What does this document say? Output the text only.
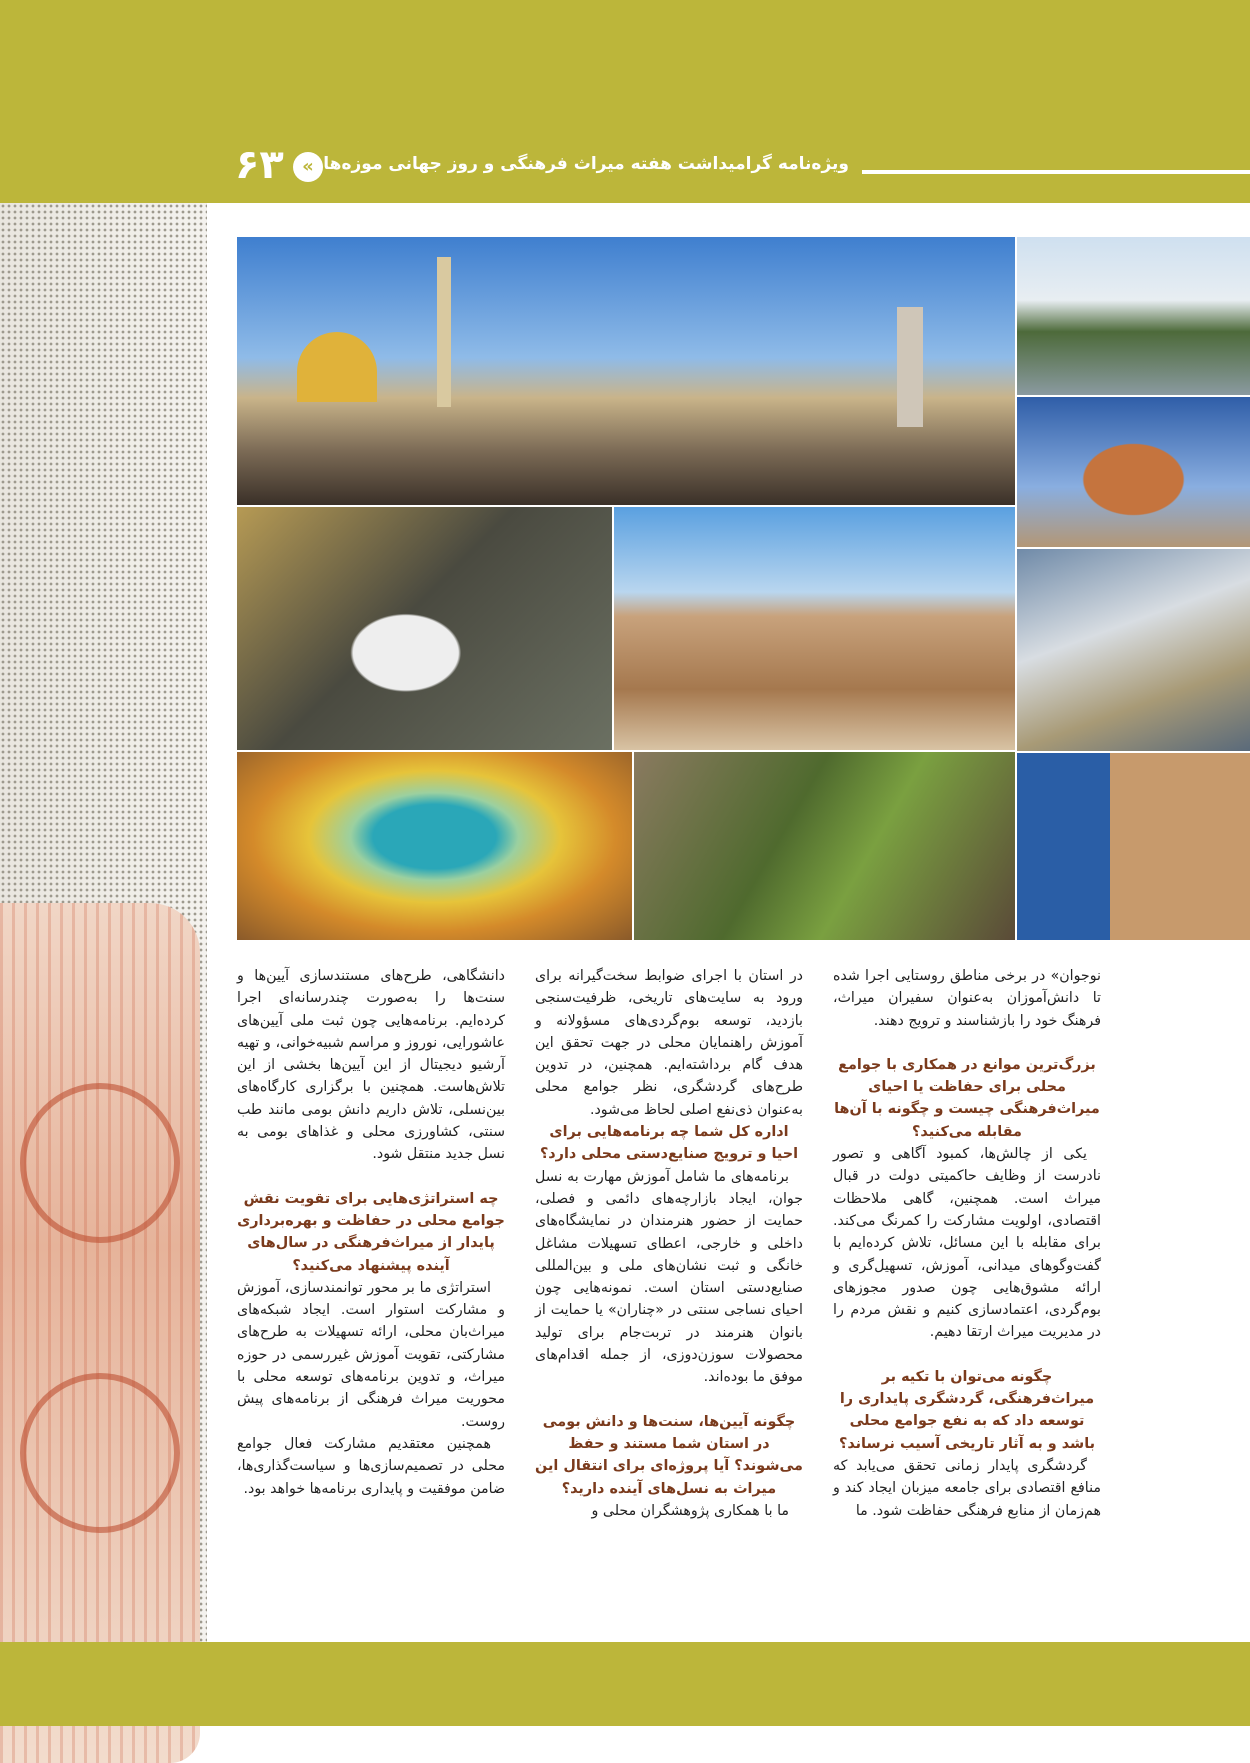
ویژه‌نامه گرامیداشت هفته میراث فرهنگی و روز جهانی موزه‌ها
«
۶۳

نوجوان» در برخی مناطق روستایی اجرا شده تا دانش‌آموزان به‌عنوان سفیران میراث، فرهنگ خود را بازشناسند و ترویج دهند.

بزرگ‌ترین موانع در همکاری با جوامع محلی برای حفاظت یا احیای میراث‌فرهنگی چیست و چگونه با آن‌ها مقابله می‌کنید؟

یکی از چالش‌ها، کمبود آگاهی و تصور نادرست از وظایف حاکمیتی دولت در قبال میراث است. همچنین، گاهی ملاحظات اقتصادی، اولویت مشارکت را کمرنگ می‌کند. برای مقابله با این مسائل، تلاش کرده‌ایم با گفت‌وگوهای میدانی، آموزش، تسهیل‌گری و ارائه مشوق‌هایی چون صدور مجوزهای بوم‌گردی، اعتمادسازی کنیم و نقش مردم را در مدیریت میراث ارتقا دهیم.

چگونه می‌توان با تکیه بر میراث‌فرهنگی، گردشگری پایداری را توسعه داد که به نفع جوامع محلی باشد و به آثار تاریخی آسیب نرساند؟

گردشگری پایدار زمانی تحقق می‌یابد که منافع اقتصادی برای جامعه میزبان ایجاد کند و هم‌زمان از منابع فرهنگی حفاظت شود. ما

در استان با اجرای ضوابط سخت‌گیرانه برای ورود به سایت‌های تاریخی، ظرفیت‌سنجی بازدید، توسعه بوم‌گردی‌های مسؤولانه و آموزش راهنمایان محلی در جهت تحقق این هدف گام برداشته‌ایم. همچنین، در تدوین طرح‌های گردشگری، نظر جوامع محلی به‌عنوان ذی‌نفع اصلی لحاظ می‌شود.

اداره کل شما چه برنامه‌هایی برای احیا و ترویج صنایع‌دستی محلی دارد؟

برنامه‌های ما شامل آموزش مهارت به نسل جوان، ایجاد بازارچه‌های دائمی و فصلی، حمایت از حضور هنرمندان در نمایشگاه‌های داخلی و خارجی، اعطای تسهیلات مشاغل خانگی و ثبت نشان‌های ملی و بین‌المللی صنایع‌دستی استان است. نمونه‌هایی چون احیای نساجی سنتی در «چناران» یا حمایت از بانوان هنرمند در تربت‌جام برای تولید محصولات سوزن‌دوزی، از جمله اقدام‌های موفق ما بوده‌اند.

چگونه آیین‌ها، سنت‌ها و دانش بومی در استان شما مستند و حفظ می‌شوند؟ آیا پروژه‌ای برای انتقال این میراث به نسل‌های آینده دارید؟

ما با همکاری پژوهشگران محلی و

دانشگاهی، طرح‌های مستندسازی آیین‌ها و سنت‌ها را به‌صورت چندرسانه‌ای اجرا کرده‌ایم. برنامه‌هایی چون ثبت ملی آیین‌های عاشورایی، نوروز و مراسم شبیه‌خوانی، و تهیه آرشیو دیجیتال از این آیین‌ها بخشی از این تلاش‌هاست. همچنین با برگزاری کارگاه‌های بین‌نسلی، تلاش داریم دانش بومی مانند طب سنتی، کشاورزی محلی و غذاهای بومی به نسل جدید منتقل شود.

چه استراتژی‌هایی برای تقویت نقش جوامع محلی در حفاظت و بهره‌برداری پایدار از میراث‌فرهنگی در سال‌های آینده پیشنهاد می‌کنید؟

استراتژی ما بر محور توانمندسازی، آموزش و مشارکت استوار است. ایجاد شبکه‌های میراث‌بان محلی، ارائه تسهیلات به طرح‌های مشارکتی، تقویت آموزش غیررسمی در حوزه میراث، و تدوین برنامه‌های توسعه محلی با محوریت میراث فرهنگی از برنامه‌های پیش روست.

همچنین معتقدیم مشارکت فعال جوامع محلی در تصمیم‌سازی‌ها و سیاست‌گذاری‌ها، ضامن موفقیت و پایداری برنامه‌ها خواهد بود.
